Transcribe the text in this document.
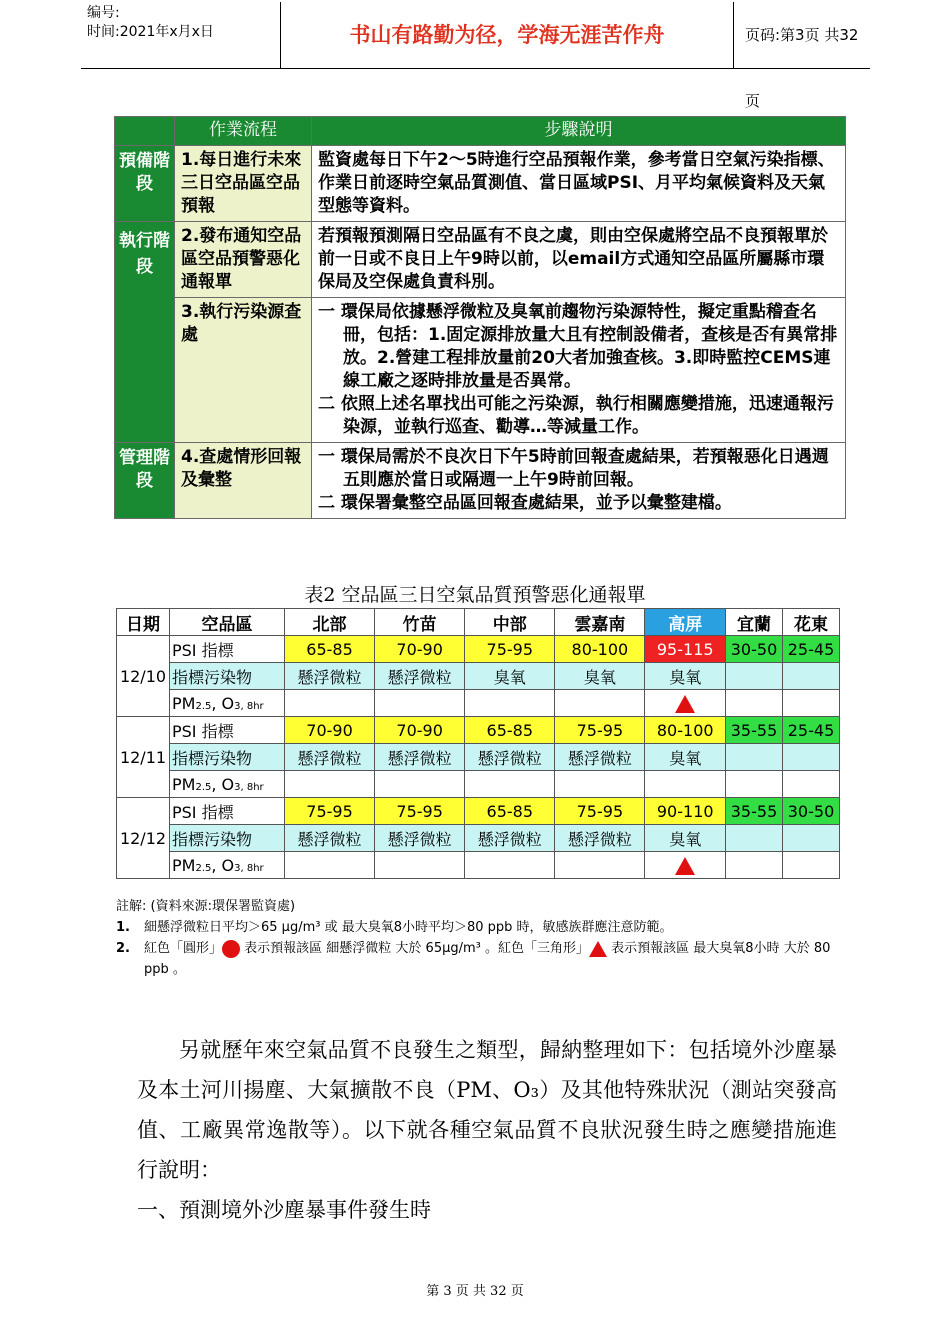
编号:
时间:2021年x月x日	书山有路勤为径，学海无涯苦作舟	页码:第3页 共32页
	作業流程	步驟說明
預備階段	1.每日進行未來三日空品區空品預報	監資處每日下午2～5時進行空品預報作業，參考當日空氣污染指標、作業日前逐時空氣品質測值、當日區域PSI、月平均氣候資料及天氣型態等資料。

執行階段	2.發布通知空品區空品預警惡化通報單	若預報預測隔日空品區有不良之虞，則由空保處將空品不良預報單於前一日或不良日上午9時以前，以email方式通知空品區所屬縣市環保局及空保處負責科別。

	3.執行污染源查處	一 環保局依據懸浮微粒及臭氧前趨物污染源特性，擬定重點稽查名冊，包括：1.固定源排放量大且有控制設備者，查核是否有異常排放。2.營建工程排放量前20大者加強查核。3.即時監控CEMS連線工廠之逐時排放量是否異常。
二 依照上述名單找出可能之污染源，執行相關應變措施，迅速通報污染源，並執行巡查、勸導…等減量工作。

管理階段	4.查處情形回報及彙整	一 環保局需於不良次日下午5時前回報查處結果，若預報惡化日遇週五則應於當日或隔週一上午9時前回報。
二 環保署彙整空品區回報查處結果，並予以彙整建檔。
表2 空品區三日空氣品質預警惡化通報單
日期	空品區	北部	竹苗	中部	雲嘉南	高屏	宜蘭	花東
12/10	PSI 指標	65-85	70-90	75-95	80-100	95-115	30-50	25-45
	指標污染物	懸浮微粒	懸浮微粒	臭氧	臭氧	臭氧		
	PM2.5, O3, 8hr							
12/11	PSI 指標	70-90	70-90	65-85	75-95	80-100	35-55	25-45
	指標污染物	懸浮微粒	懸浮微粒	懸浮微粒	懸浮微粒	臭氧		
	PM2.5, O3, 8hr							
12/12	PSI 指標	75-95	75-95	65-85	75-95	90-110	35-55	30-50
	指標污染物	懸浮微粒	懸浮微粒	懸浮微粒	懸浮微粒	臭氧		
	PM2.5, O3, 8hr							
註解: (資料來源:環保署監資處)
1. 細懸浮微粒日平均＞65 μg/m³ 或 最大臭氧8小時平均＞80 ppb 時，敏感族群應注意防範。
2. 紅色「圓形」 表示預報該區 細懸浮微粒 大於 65μg/m³ 。紅色「三角形」 表示預報該區 最大臭氧8小時 大於 80 ppb 。

另就歷年來空氣品質不良發生之類型，歸納整理如下：包括境外沙塵暴及本土河川揚塵、大氣擴散不良（PM、O₃）及其他特殊狀況（測站突發高值、工廠異常逸散等）。以下就各種空氣品質不良狀況發生時之應變措施進行說明：

一、預測境外沙塵暴事件發生時

第 3 页 共 32 页
